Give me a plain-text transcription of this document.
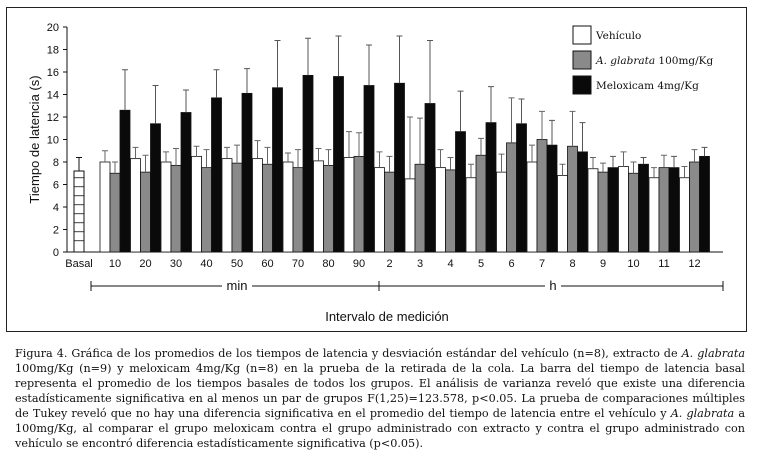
0
2
4
6
8
10
12
14
16
18
20
Tiempo de latencia (s)
Basal 10 20 30 40 50 60 70 80 90 2 3 4 5 6 7 8 9 10 11 12
min	h
Intervalo de medición
Vehículo
A. glabrata 100mg/Kg
Meloxicam 4mg/Kg
Figura 4. Gráfica de los promedios de los tiempos de latencia y desviación estándar del vehículo (n=8), extracto de A. glabrata 100mg/Kg (n=9) y meloxicam 4mg/Kg (n=8) en la prueba de la retirada de la cola. La barra del tiempo de latencia basal representa el promedio de los tiempos basales de todos los grupos. El análisis de varianza reveló que existe una diferencia estadísticamente significativa en al menos un par de grupos F(1,25)=123.578, p<0.05. La prueba de comparaciones múltiples de Tukey reveló que no hay una diferencia significativa en el promedio del tiempo de latencia entre el vehículo y A. glabrata a 100mg/Kg, al comparar el grupo meloxicam contra el grupo administrado con extracto y contra el grupo administrado con vehículo se encontró diferencia estadísticamente significativa (p<0.05).
